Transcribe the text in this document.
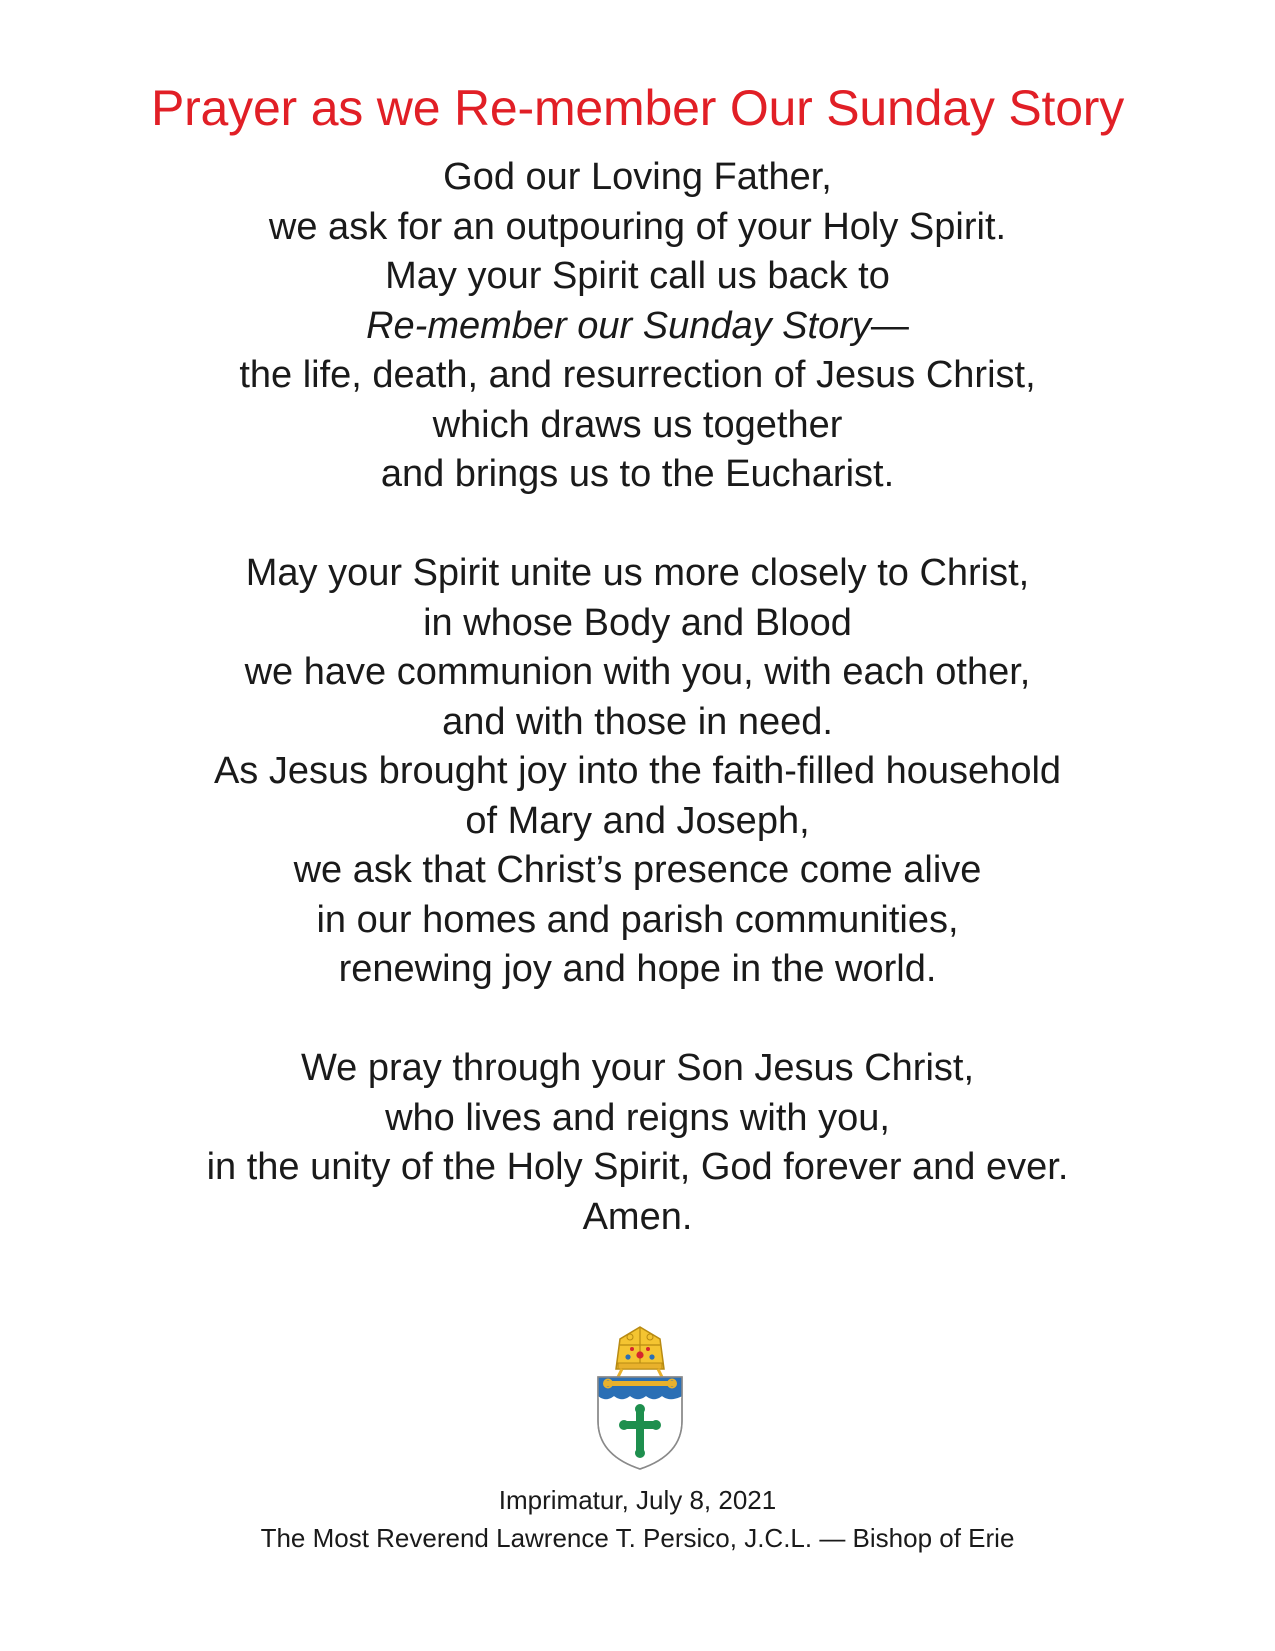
Prayer as we Re-member Our Sunday Story

God our Loving Father,
we ask for an outpouring of your Holy Spirit.
May your Spirit call us back to
Re-member our Sunday Story—
the life, death, and resurrection of Jesus Christ,
which draws us together
and brings us to the Eucharist.

May your Spirit unite us more closely to Christ,
in whose Body and Blood
we have communion with you, with each other,
and with those in need.
As Jesus brought joy into the faith-filled household
of Mary and Joseph,
we ask that Christ’s presence come alive
in our homes and parish communities,
renewing joy and hope in the world.

We pray through your Son Jesus Christ,
who lives and reigns with you,
in the unity of the Holy Spirit, God forever and ever.
Amen.

Imprimatur, July 8, 2021
The Most Reverend Lawrence T. Persico, J.C.L. — Bishop of Erie
